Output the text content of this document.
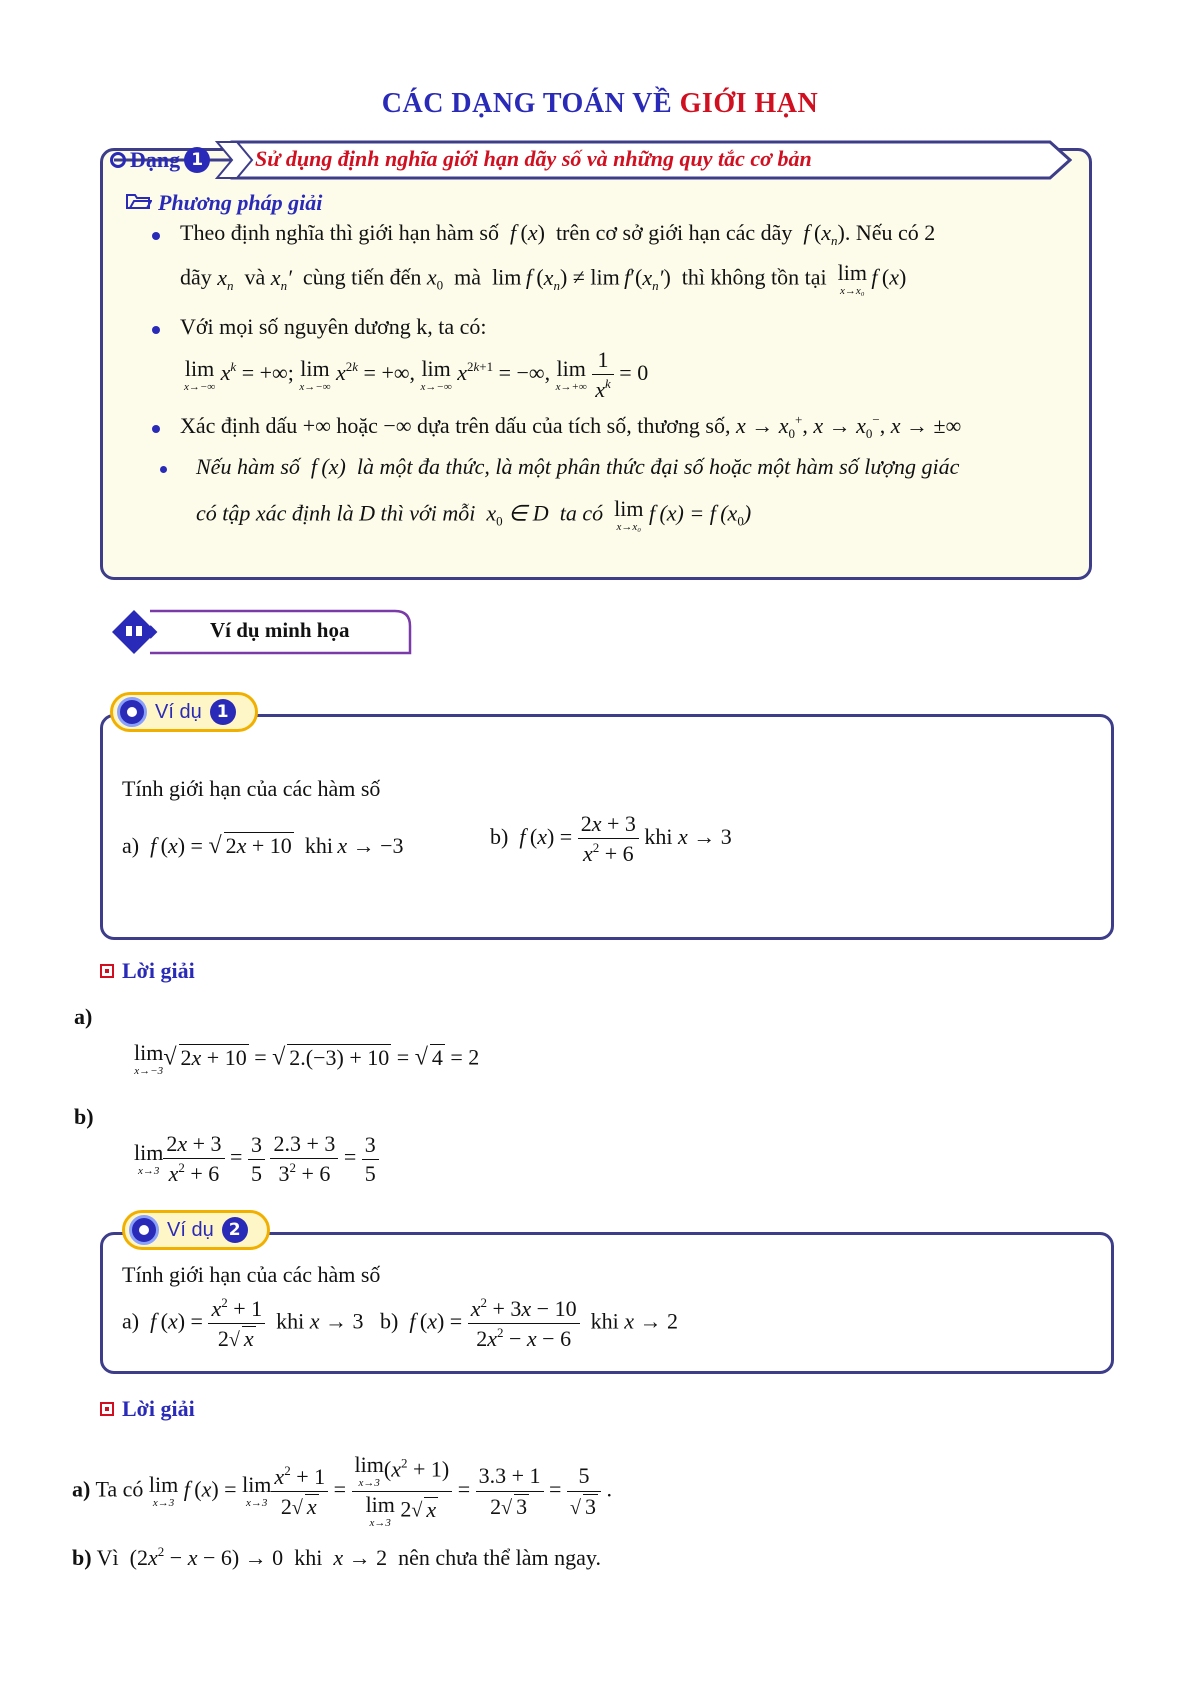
CÁC DẠNG TOÁN VỀ GIỚI HẠN
Dạng 1	Sử dụng định nghĩa giới hạn dãy số và những quy tắc cơ bản
Phương pháp giải
Theo định nghĩa thì giới hạn hàm số f (x)  trên cơ sở giới hạn các dãy f $(x_n)$. Nếu có 2
dãy $x_n$ và $x_n'$ cùng tiến đến $x_0$ mà  lim f $(x_n) \ne \lim f'(x_n')$  thì không tồn tại lim
x→x₀
 f (x)
Với mọi số nguyên dương k, ta có:
lim
x→−∞
$x^k$ = +∞; lim
x→−∞
$x^{2k}$ = +∞, lim
x→−∞
$x^{2k+1}$ = −∞, lim
x→+∞
$\frac{1}{x^k} = 0$
Xác định dấu +∞ hoặc −∞ dựa trên dấu của tích số, thương số, $x \to x_0^+$, $x \to x_0^-$, x → ±∞
Nếu hàm số f (x)  là một đa thức, là một phân thức đại số hoặc một hàm số lượng giác
có tập xác định là D thì với mỗi  $x_0$ ∈ D  ta có lim
x→x₀
f (x) = f $(x_0)$
Ví dụ minh họa
Ví dụ 1
Tính giới hạn của các hàm số
a) f (x) = √ 2x + 10 khi  x → −3	b) f $(x) = \frac{2x + 3}{x^2 + 6}$ khi x → 3
Lời giải
a)
lim
x→−3
√ 2x + 10 = √ 2.(−3) + 10 = √ 4 = 2
b)
lim
$x\to 3 \frac{2x + 3}{x^2 + 6} = \frac{3}{5}$
$\frac{2.3 + 3}{3^2 + 6} = \frac{3}{5}$
Ví dụ 2
Tính giới hạn của các hàm số
a) f $(x) = \frac{x^2 + 1}{2√ x}$ khi x → 3   b) f $(x) = \frac{x^2 + 3x - 10}{2x^2 - x - 6}$ khi x → 2
Lời giải
a) Ta có lim
x→3
f (x) = lim
$x\to 3 \frac{x^2 + 1}{2√ x} = \lim$
x→3
$(x^2 + 1)$
lim
x→3
2√ $x = \frac{3.3 + 1}{2√ 3} = \frac{5}{√ 3}$ .
b) Vì  $(2x^2 - x - 6) \to 0$  khi x → 2  nên chưa thể làm ngay.
